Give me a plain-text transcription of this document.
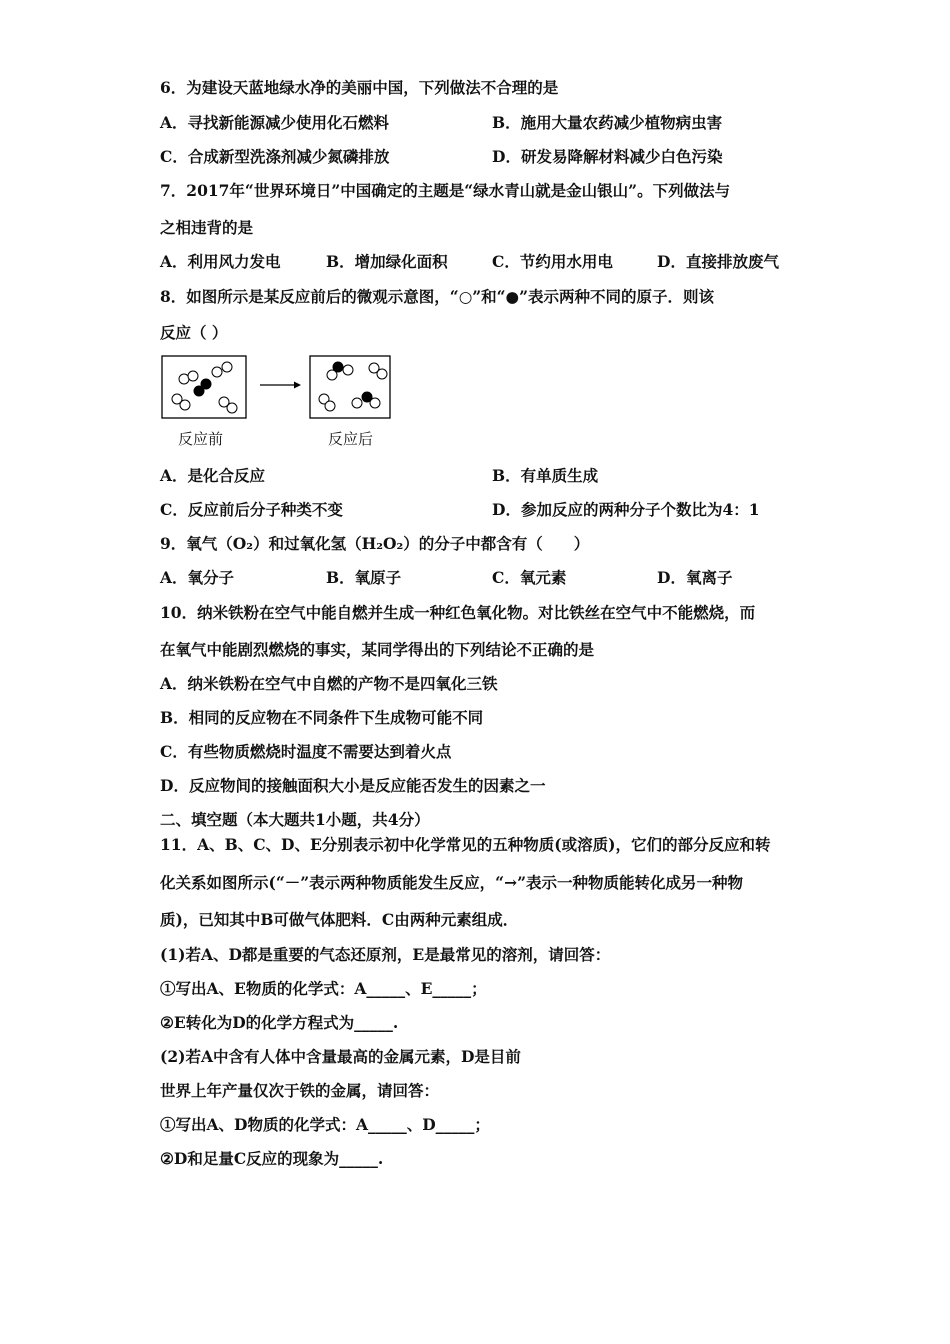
6．为建设天蓝地绿水净的美丽中国，下列做法不合理的是
A．寻找新能源减少使用化石燃料	B．施用大量农药减少植物病虫害
C．合成新型洗涤剂减少氮磷排放	D．研发易降解材料减少白色污染
7．2017年“世界环境日”中国确定的主题是“绿水青山就是金山银山”。下列做法与
之相违背的是
A．利用风力发电	B．增加绿化面积	C．节约用水用电	D．直接排放废气
8．如图所示是某反应前后的微观示意图，“○”和“●”表示两种不同的原子．则该
反应（ ）
反应前	反应后
A．是化合反应	B．有单质生成
C．反应前后分子种类不变	D．参加反应的两种分子个数比为4：1
9．氧气（O₂）和过氧化氢（H₂O₂）的分子中都含有（　　）
A．氧分子	B．氧原子	C．氧元素	D．氧离子
10．纳米铁粉在空气中能自燃并生成一种红色氧化物。对比铁丝在空气中不能燃烧，而
在氧气中能剧烈燃烧的事实，某同学得出的下列结论不正确的是
A．纳米铁粉在空气中自燃的产物不是四氧化三铁
B．相同的反应物在不同条件下生成物可能不同
C．有些物质燃烧时温度不需要达到着火点
D．反应物间的接触面积大小是反应能否发生的因素之一
二、填空题（本大题共1小题，共4分）
11．A、B、C、D、E分别表示初中化学常见的五种物质(或溶质)，它们的部分反应和转
化关系如图所示(“－”表示两种物质能发生反应，“→”表示一种物质能转化成另一种物
质)，已知其中B可做气体肥料．C由两种元素组成．
(1)若A、D都是重要的气态还原剂，E是最常见的溶剂，请回答：
①写出A、E物质的化学式：A_____、E_____；
②E转化为D的化学方程式为_____.
(2)若A中含有人体中含量最高的金属元素，D是目前
世界上年产量仅次于铁的金属，请回答：
①写出A、D物质的化学式：A_____、D_____；
②D和足量C反应的现象为_____.
